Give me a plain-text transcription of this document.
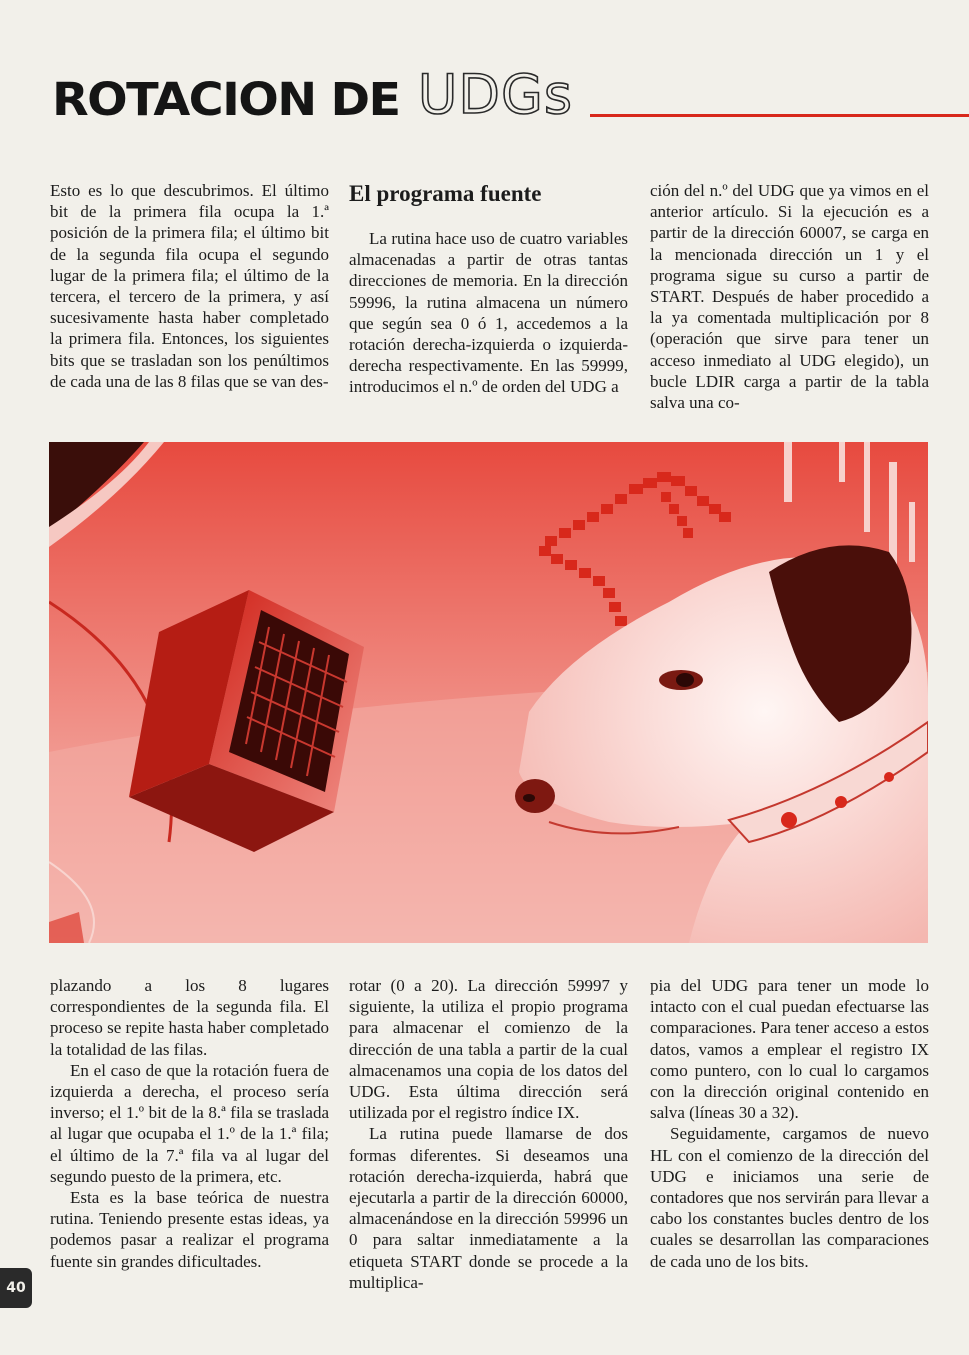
ROTACION DE UDGs

Esto es lo que descubrimos. El último bit de la primera fila ocupa la 1.ª posición de la primera fila; el último bit de la segunda fila ocupa el segundo lugar de la primera fila; el último de la tercera, el tercero de la primera, y así sucesivamente hasta haber completado la primera fila. Entonces, los siguientes bits que se trasladan son los penúltimos de cada una de las 8 filas que se van des-

El programa fuente

La rutina hace uso de cuatro variables almacenadas a partir de otras tantas direcciones de memoria. En la dirección 59996, la rutina almacena un número que según sea 0 ó 1, accedemos a la rotación derecha-izquierda o izquierda-derecha respectivamente. En las 59999, introducimos el n.º de orden del UDG a

ción del n.º del UDG que ya vimos en el anterior artículo. Si la ejecución es a partir de la dirección 60007, se carga en la mencionada dirección un 1 y el programa sigue su curso a partir de START. Después de haber procedido a la ya comentada multiplicación por 8 (operación que sirve para tener un acceso inmediato al UDG elegido), un bucle LDIR carga a partir de la tabla salva una co-

plazando a los 8 lugares correspondientes de la segunda fila. El proceso se repite hasta haber completado la totalidad de las filas.

En el caso de que la rotación fuera de izquierda a derecha, el proceso sería inverso; el 1.º bit de la 8.ª fila se traslada al lugar que ocupaba el 1.º de la 1.ª fila; el último de la 7.ª fila va al lugar del segundo puesto de la primera, etc.

Esta es la base teórica de nuestra rutina. Teniendo presente estas ideas, ya podemos pasar a realizar el programa fuente sin grandes dificultades.

rotar (0 a 20). La dirección 59997 y siguiente, la utiliza el propio programa para almacenar el comienzo de la dirección de una tabla a partir de la cual almacenamos una copia de los datos del UDG. Esta última dirección será utilizada por el registro índice IX.

La rutina puede llamarse de dos formas diferentes. Si deseamos una rotación derecha-izquierda, habrá que ejecutarla a partir de la dirección 60000, almacenándose en la dirección 59996 un 0 para saltar inmediatamente a la etiqueta START donde se procede a la multiplica-

pia del UDG para tener un mode lo intacto con el cual puedan efectuarse las comparaciones. Para tener acceso a estos datos, vamos a emplear el registro IX como puntero, con lo cual lo cargamos con la dirección original contenido en salva (líneas 30 a 32).

Seguidamente, cargamos de nuevo HL con el comienzo de la dirección del UDG e iniciamos una serie de contadores que nos servirán para llevar a cabo los constantes bucles dentro de los cuales se desarrollan las comparaciones de cada uno de los bits.

40
